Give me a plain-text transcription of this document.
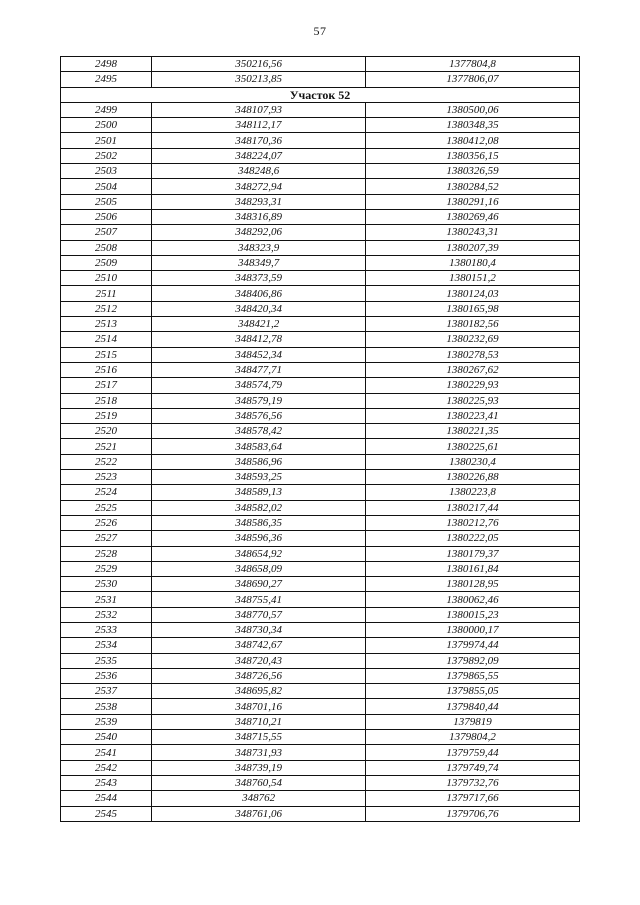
57
2498	350216,56	1377804,8
2495	350213,85	1377806,07
Участок 52		
2499	348107,93	1380500,06
2500	348112,17	1380348,35
2501	348170,36	1380412,08
2502	348224,07	1380356,15
2503	348248,6	1380326,59
2504	348272,94	1380284,52
2505	348293,31	1380291,16
2506	348316,89	1380269,46
2507	348292,06	1380243,31
2508	348323,9	1380207,39
2509	348349,7	1380180,4
2510	348373,59	1380151,2
2511	348406,86	1380124,03
2512	348420,34	1380165,98
2513	348421,2	1380182,56
2514	348412,78	1380232,69
2515	348452,34	1380278,53
2516	348477,71	1380267,62
2517	348574,79	1380229,93
2518	348579,19	1380225,93
2519	348576,56	1380223,41
2520	348578,42	1380221,35
2521	348583,64	1380225,61
2522	348586,96	1380230,4
2523	348593,25	1380226,88
2524	348589,13	1380223,8
2525	348582,02	1380217,44
2526	348586,35	1380212,76
2527	348596,36	1380222,05
2528	348654,92	1380179,37
2529	348658,09	1380161,84
2530	348690,27	1380128,95
2531	348755,41	1380062,46
2532	348770,57	1380015,23
2533	348730,34	1380000,17
2534	348742,67	1379974,44
2535	348720,43	1379892,09
2536	348726,56	1379865,55
2537	348695,82	1379855,05
2538	348701,16	1379840,44
2539	348710,21	1379819
2540	348715,55	1379804,2
2541	348731,93	1379759,44
2542	348739,19	1379749,74
2543	348760,54	1379732,76
2544	348762	1379717,66
2545	348761,06	1379706,76
